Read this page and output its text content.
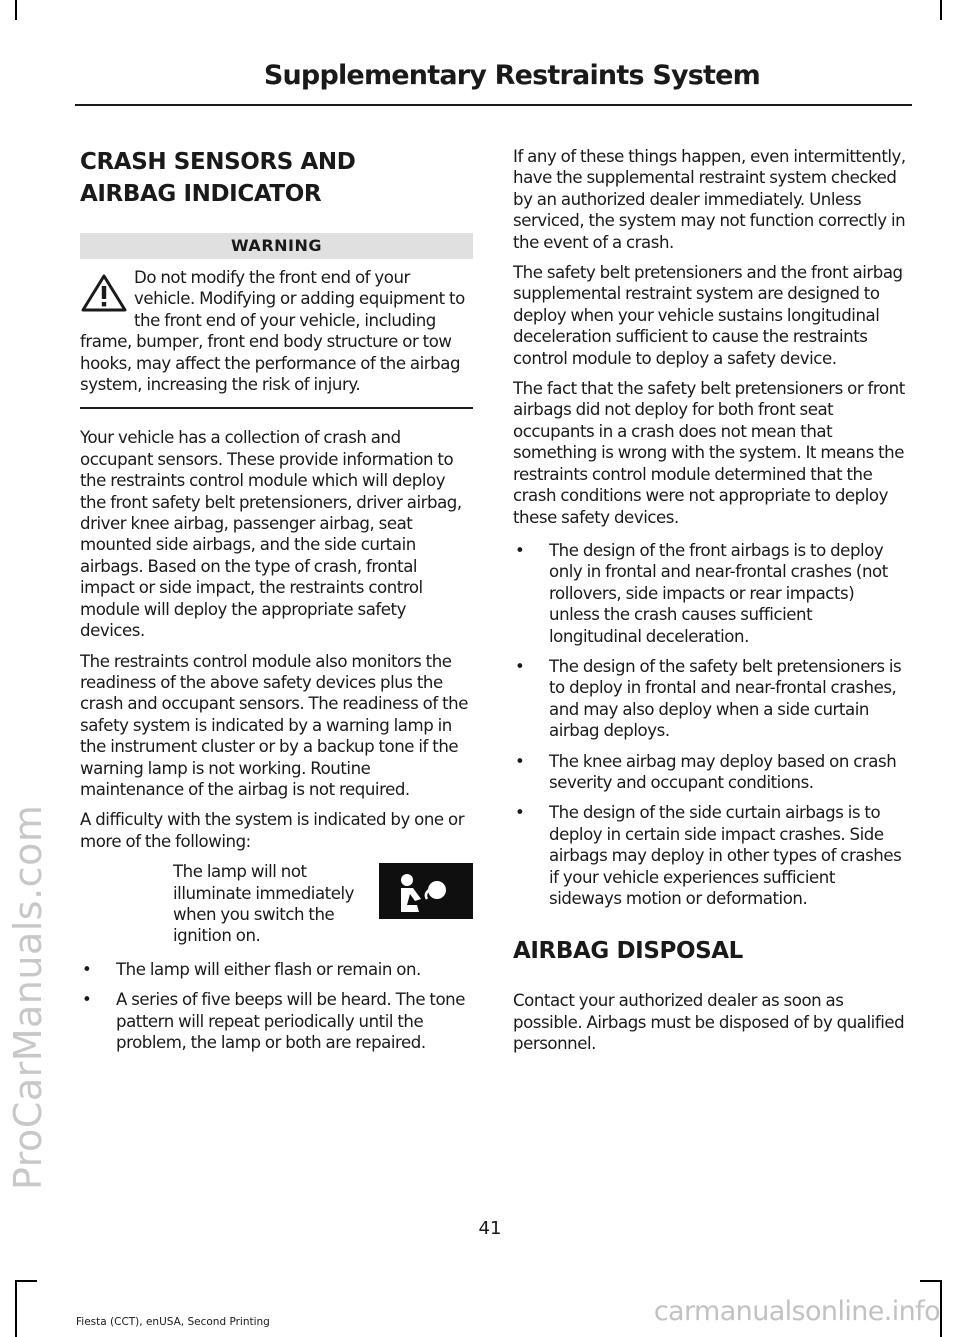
ProCarManuals.com
Supplementary Restraints System
CRASH SENSORS AND
AIRBAG INDICATOR
WARNING

Do not modify the front end of your vehicle. Modifying or adding equipment to the front end of your vehicle, including frame, bumper, front end body structure or tow hooks, may affect the performance of the airbag system, increasing the risk of injury.

Your vehicle has a collection of crash and occupant sensors. These provide information to the restraints control module which will deploy the front safety belt pretensioners, driver airbag, driver knee airbag, passenger airbag, seat mounted side airbags, and the side curtain airbags. Based on the type of crash, frontal impact or side impact, the restraints control module will deploy the appropriate safety devices.

The restraints control module also monitors the readiness of the above safety devices plus the crash and occupant sensors. The readiness of the safety system is indicated by a warning lamp in the instrument cluster or by a backup tone if the warning lamp is not working. Routine maintenance of the airbag is not required.

A difficulty with the system is indicated by one or more of the following:

The lamp will not illuminate immediately when you switch the ignition on.

• The lamp will either flash or remain on.
• A series of five beeps will be heard. The tone pattern will repeat periodically until the problem, the lamp or both are repaired.

If any of these things happen, even intermittently, have the supplemental restraint system checked by an authorized dealer immediately. Unless serviced, the system may not function correctly in the event of a crash.

The safety belt pretensioners and the front airbag supplemental restraint system are designed to deploy when your vehicle sustains longitudinal deceleration sufficient to cause the restraints control module to deploy a safety device.

The fact that the safety belt pretensioners or front airbags did not deploy for both front seat occupants in a crash does not mean that something is wrong with the system. It means the restraints control module determined that the crash conditions were not appropriate to deploy these safety devices.

• The design of the front airbags is to deploy only in frontal and near-frontal crashes (not rollovers, side impacts or rear impacts) unless the crash causes sufficient longitudinal deceleration.
• The design of the safety belt pretensioners is to deploy in frontal and near-frontal crashes, and may also deploy when a side curtain airbag deploys.
• The knee airbag may deploy based on crash severity and occupant conditions.
• The design of the side curtain airbags is to deploy in certain side impact crashes. Side airbags may deploy in other types of crashes if your vehicle experiences sufficient sideways motion or deformation.
AIRBAG DISPOSAL

Contact your authorized dealer as soon as possible. Airbags must be disposed of by qualified personnel.

41
Fiesta (CCT), enUSA, Second Printing	carmanualsonline.info
